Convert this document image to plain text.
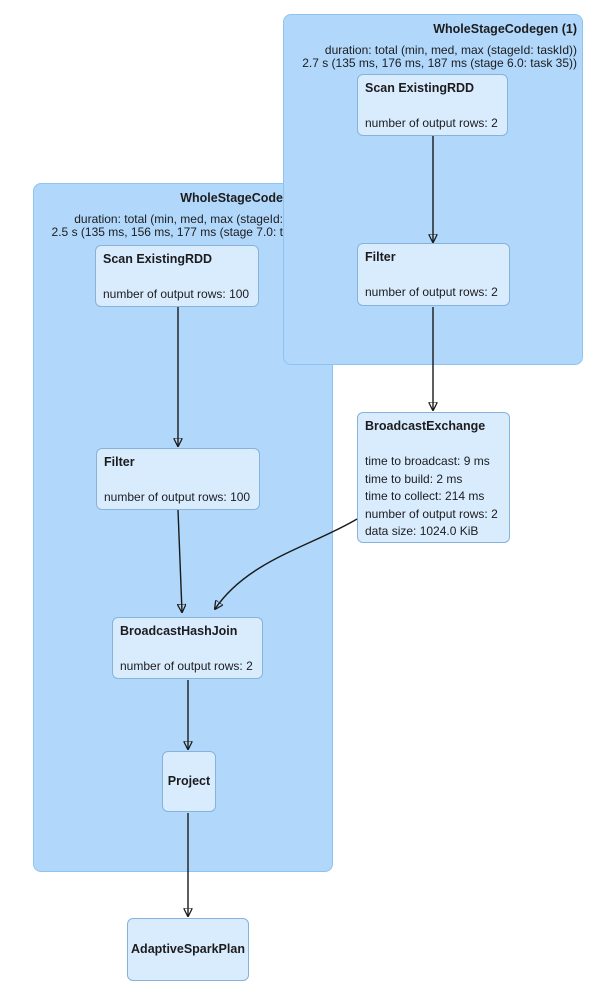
WholeStageCode
duration: total (min, med, max (stageId:
2.5 s (135 ms, 156 ms, 177 ms (stage 7.0: t
WholeStageCodegen (1)
duration: total (min, med, max (stageId: taskId))
2.7 s (135 ms, 176 ms, 187 ms (stage 6.0: task 35))
Scan ExistingRDD
number of output rows: 2
Filter
number of output rows: 2
Scan ExistingRDD
number of output rows: 100
Filter
number of output rows: 100
BroadcastExchange
time to broadcast: 9 ms
time to build: 2 ms
time to collect: 214 ms
number of output rows: 2
data size: 1024.0 KiB
BroadcastHashJoin
number of output rows: 2
Project
AdaptiveSparkPlan
